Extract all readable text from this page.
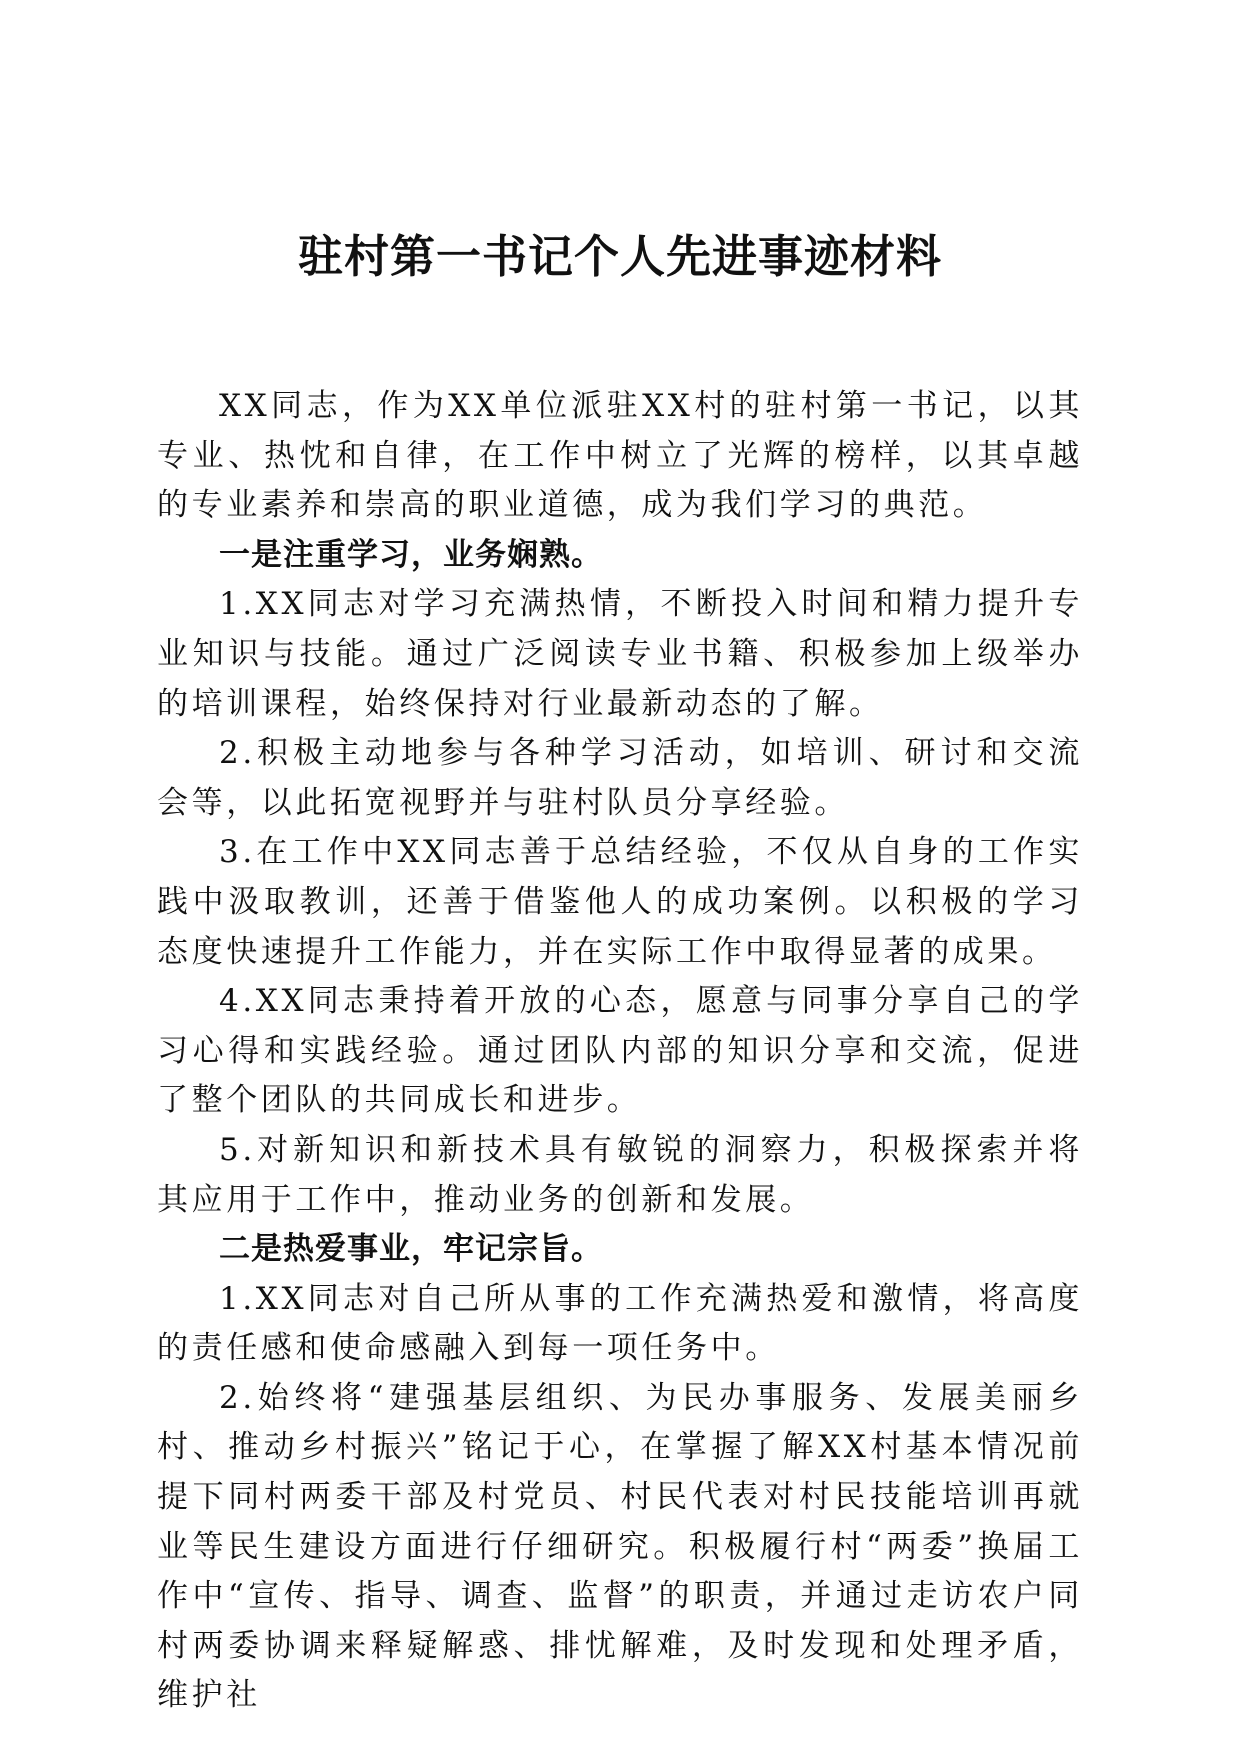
驻村第一书记个人先进事迹材料

XX同志，作为XX单位派驻XX村的驻村第一书记，以其专业、热忱和自律，在工作中树立了光辉的榜样，以其卓越的专业素养和崇高的职业道德，成为我们学习的典范。

一是注重学习，业务娴熟。

1.XX同志对学习充满热情，不断投入时间和精力提升专业知识与技能。通过广泛阅读专业书籍、积极参加上级举办的培训课程，始终保持对行业最新动态的了解。

2.积极主动地参与各种学习活动，如培训、研讨和交流会等，以此拓宽视野并与驻村队员分享经验。

3.在工作中XX同志善于总结经验，不仅从自身的工作实践中汲取教训，还善于借鉴他人的成功案例。以积极的学习态度快速提升工作能力，并在实际工作中取得显著的成果。

4.XX同志秉持着开放的心态，愿意与同事分享自己的学习心得和实践经验。通过团队内部的知识分享和交流，促进了整个团队的共同成长和进步。

5.对新知识和新技术具有敏锐的洞察力，积极探索并将其应用于工作中，推动业务的创新和发展。

二是热爱事业，牢记宗旨。

1.XX同志对自己所从事的工作充满热爱和激情，将高度的责任感和使命感融入到每一项任务中。

2.始终将“建强基层组织、为民办事服务、发展美丽乡村、推动乡村振兴”铭记于心，在掌握了解XX村基本情况前提下同村两委干部及村党员、村民代表对村民技能培训再就业等民生建设方面进行仔细研究。积极履行村“两委”换届工作中“宣传、指导、调查、监督”的职责，并通过走访农户同村两委协调来释疑解惑、排忧解难，及时发现和处理矛盾，维护社
